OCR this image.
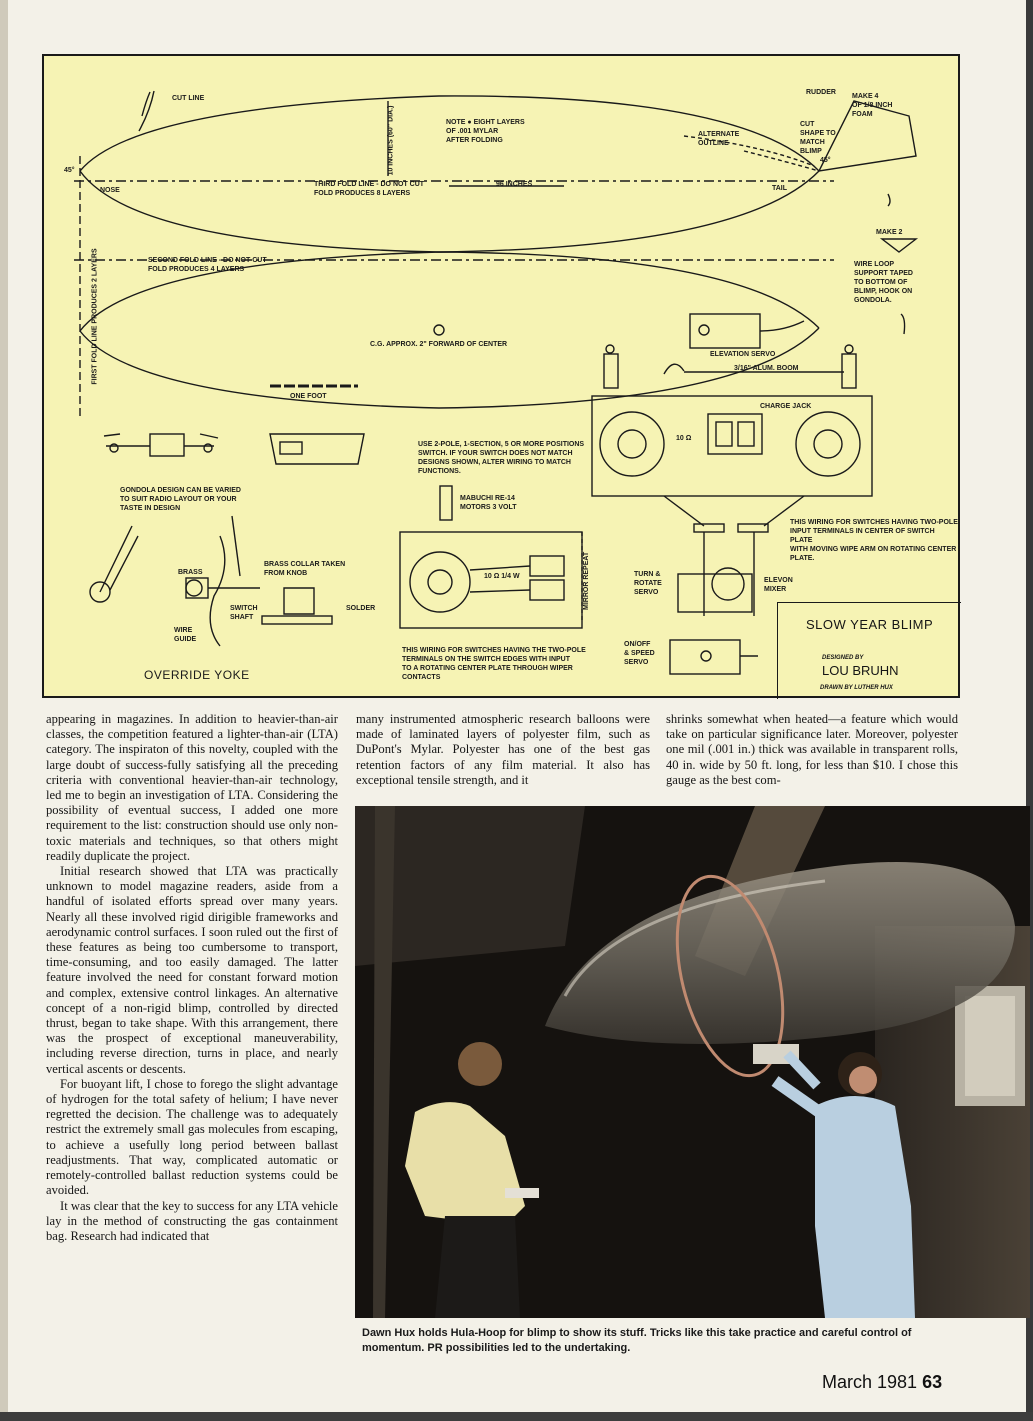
CUT LINE
NOTE ● EIGHT LAYERS
OF .001 MYLAR
AFTER FOLDING
10 INCHES (60" DIA.)
45°
45°
NOSE	TAIL
THIRD FOLD LINE - DO NOT CUT
FOLD PRODUCES 8 LAYERS
96 INCHES
ALTERNATE
OUTLINE
RUDDER
MAKE 4
OF 1/8 INCH
FOAM
CUT
SHAPE TO
MATCH
BLIMP
FIRST FOLD LINE PRODUCES 2 LAYERS	SECOND FOLD LINE - DO NOT CUT
FOLD PRODUCES 4 LAYERS
MAKE 2
WIRE LOOP
SUPPORT TAPED
TO BOTTOM OF
BLIMP, HOOK ON
GONDOLA.
C.G. APPROX. 2" FORWARD OF CENTER
ONE FOOT
ELEVATION SERVO
3/16" ALUM. BOOM
CHARGE JACK
GONDOLA DESIGN CAN BE VARIED
TO SUIT RADIO LAYOUT OR YOUR
TASTE IN DESIGN
USE 2-POLE, 1-SECTION, 5 OR MORE POSITIONS
SWITCH. IF YOUR SWITCH DOES NOT MATCH
DESIGNS SHOWN, ALTER WIRING TO MATCH
FUNCTIONS.
MABUCHI RE-14
MOTORS 3 VOLT
10 Ω 1/4 W
10 Ω
MIRROR REPEAT
BRASS
BRASS COLLAR TAKEN
FROM KNOB
SOLDER
SWITCH
SHAFT
WIRE
GUIDE
OVERRIDE YOKE
THIS WIRING FOR SWITCHES HAVING TWO-POLE
INPUT TERMINALS IN CENTER OF SWITCH PLATE
WITH MOVING WIPE ARM ON ROTATING CENTER
PLATE.
THIS WIRING FOR SWITCHES HAVING THE TWO-POLE
TERMINALS ON THE SWITCH EDGES WITH INPUT
TO A ROTATING CENTER PLATE THROUGH WIPER
CONTACTS
TURN &
ROTATE
SERVO
ELEVON
MIXER
ON/OFF
& SPEED
SERVO
SLOW YEAR BLIMP
DESIGNED BY
LOU BRUHN
DRAWN BY LUTHER HUX

appearing in magazines. In addition to heavier-than-air classes, the competition featured a lighter-than-air (LTA) category. The inspiraton of this novelty, coupled with the large doubt of success-fully satisfying all the preceding criteria with conventional heavier-than-air technology, led me to begin an investigation of LTA. Considering the possibility of eventual success, I added one more requirement to the list: construction should use only non-toxic materials and techniques, so that others might readily duplicate the project.

Initial research showed that LTA was practically unknown to model magazine readers, aside from a handful of isolated efforts spread over many years. Nearly all these involved rigid dirigible frameworks and aerodynamic control surfaces. I soon ruled out the first of these features as being too cumbersome to transport, time-consuming, and too easily damaged. The latter feature involved the need for constant forward motion and complex, extensive control linkages. An alternative concept of a non-rigid blimp, controlled by directed thrust, began to take shape. With this arrangement, there was the prospect of exceptional maneuverability, including reverse direction, turns in place, and nearly vertical ascents or descents.

For buoyant lift, I chose to forego the slight advantage of hydrogen for the total safety of helium; I have never regretted the decision. The challenge was to adequately restrict the extremely small gas molecules from escaping, to achieve a usefully long period between ballast readjustments. That way, complicated automatic or remotely-controlled ballast reduction systems could be avoided.

It was clear that the key to success for any LTA vehicle lay in the method of constructing the gas containment bag. Research had indicated that

many instrumented atmospheric research balloons were made of laminated layers of polyester film, such as DuPont's Mylar. Polyester has one of the best gas retention factors of any film material. It also has exceptional tensile strength, and it

shrinks somewhat when heated—a feature which would take on particular significance later. Moreover, polyester one mil (.001 in.) thick was available in transparent rolls, 40 in. wide by 50 ft. long, for less than $10. I chose this gauge as the best com-

Dawn Hux holds Hula-Hoop for blimp to show its stuff. Tricks like this take practice and careful control of momentum. PR possibilities led to the undertaking.
March 1981 63
